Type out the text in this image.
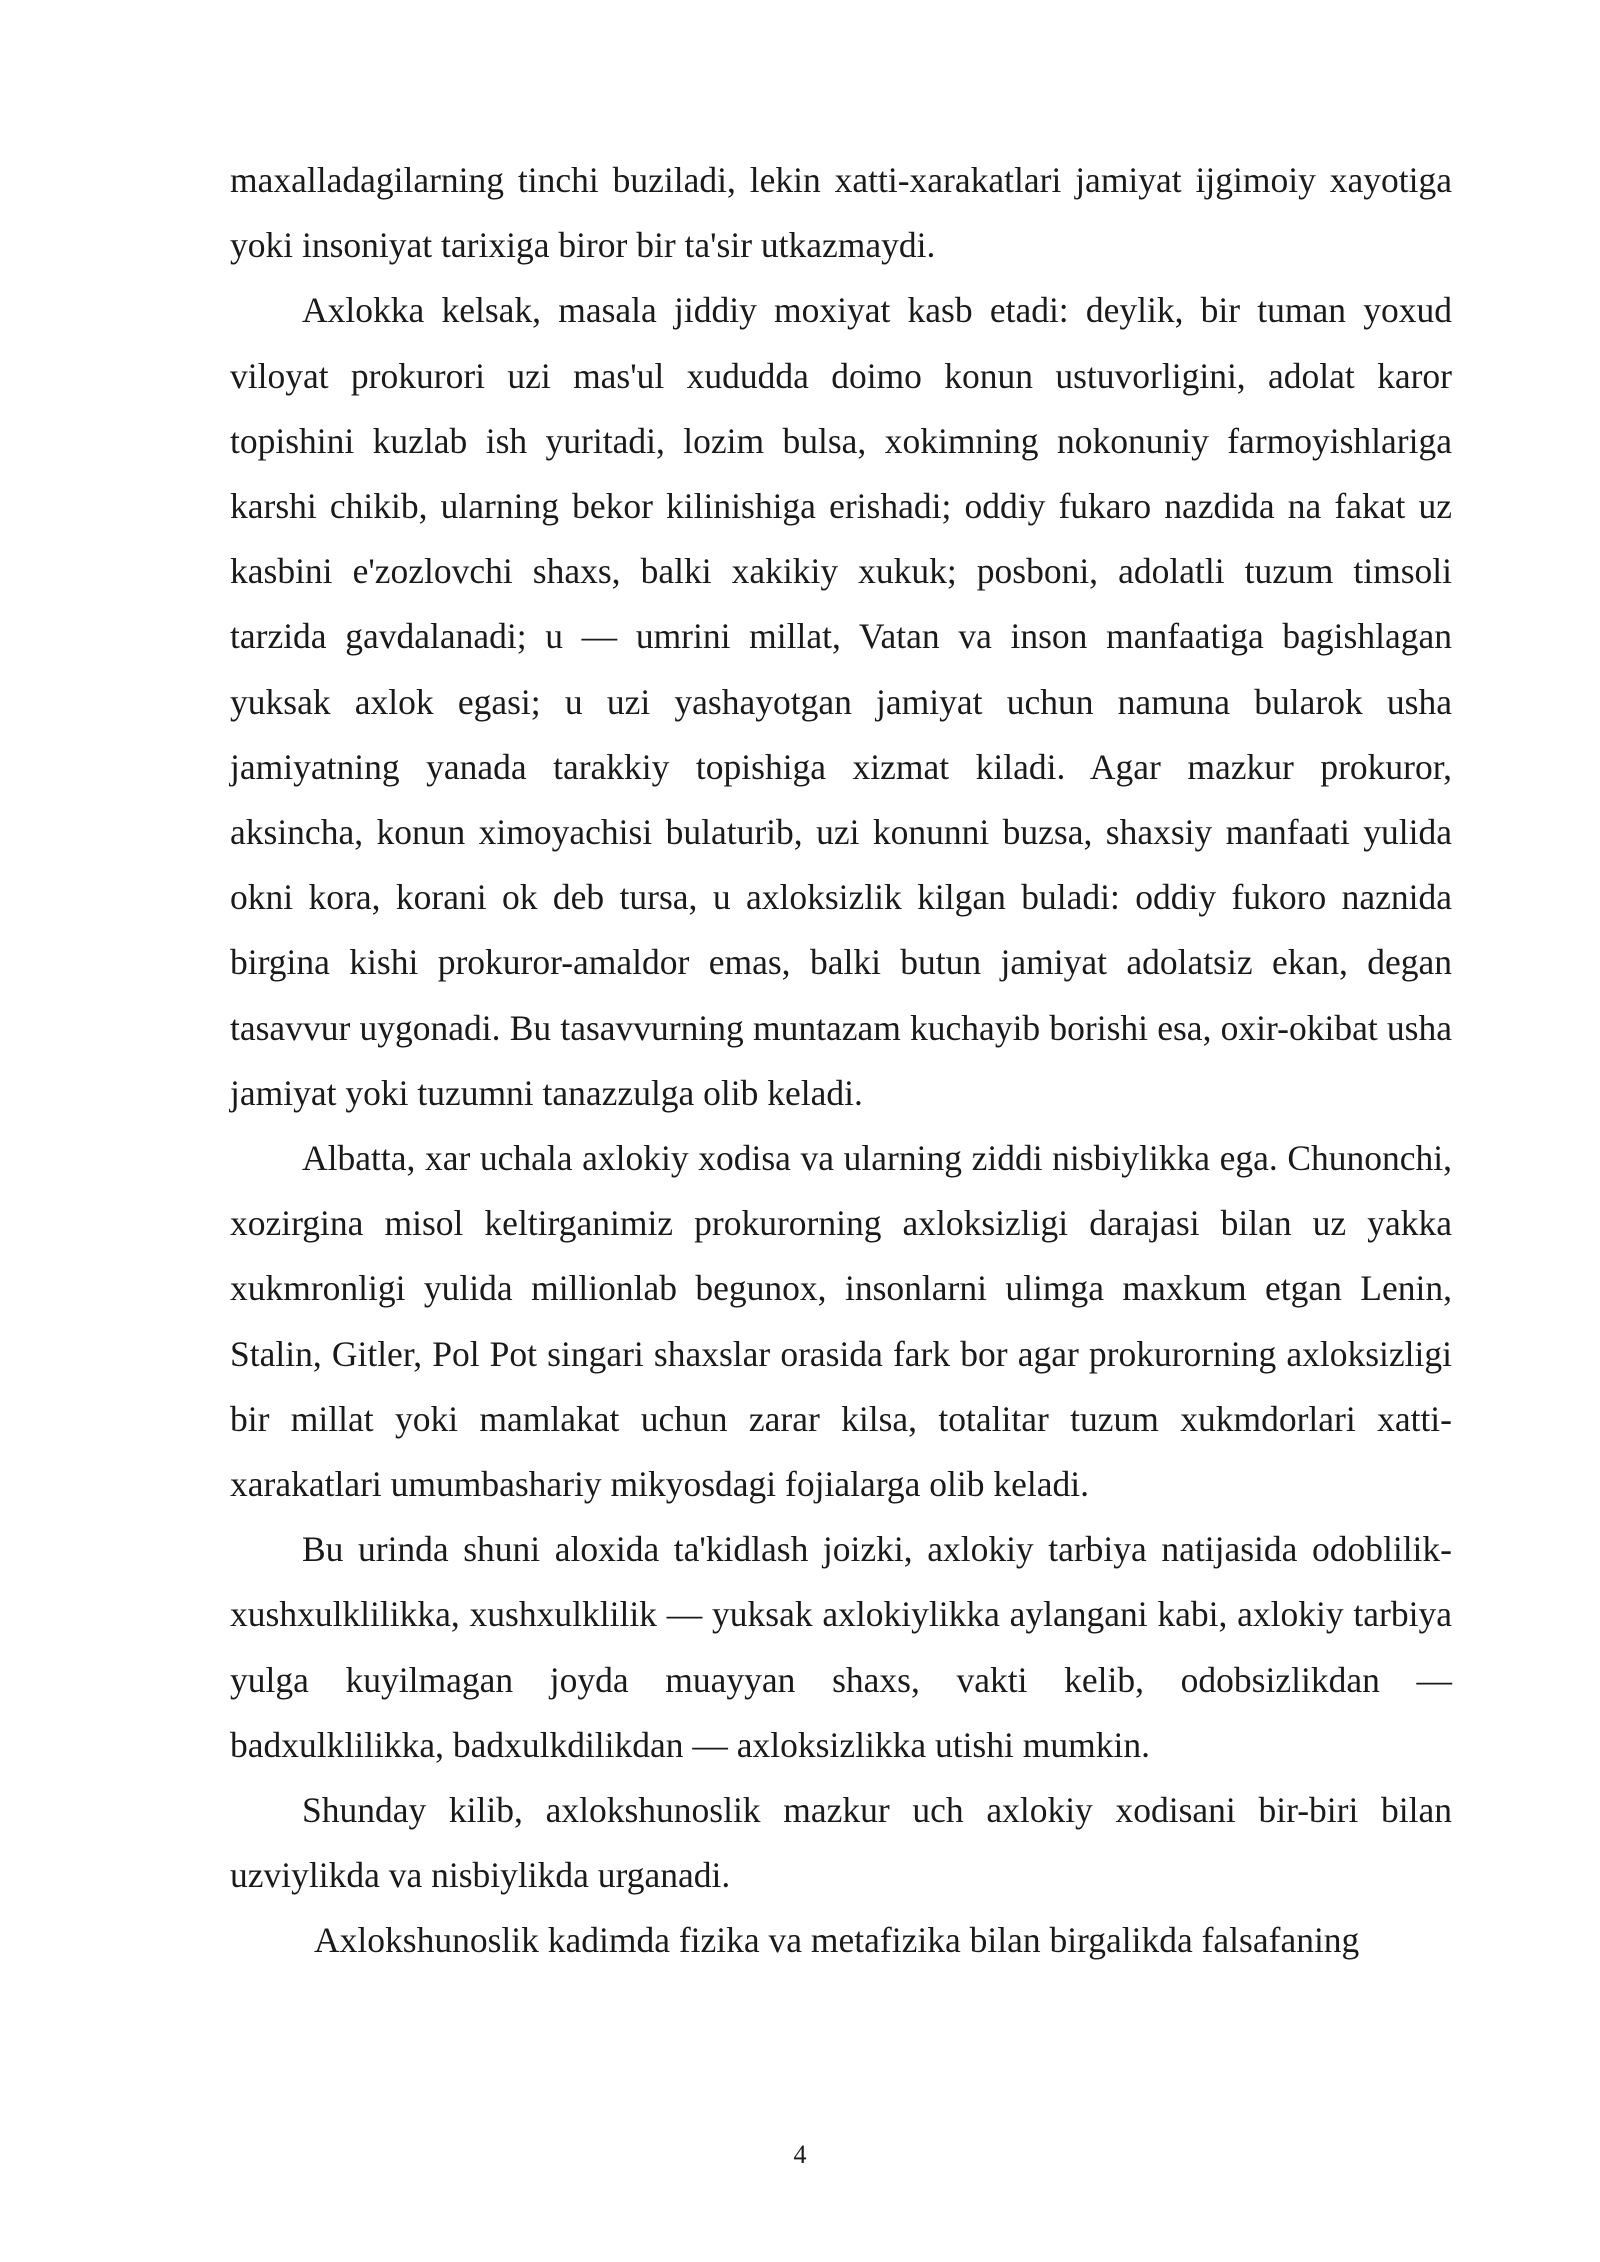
maxalladagilarning tinchi buziladi, lekin xatti-xarakatlari jamiyat ijgimoiy xayotiga yoki insoniyat tarixiga biror bir ta'sir utkazmaydi.

Axlokka kelsak, masala jiddiy moxiyat kasb etadi: deylik, bir tuman yoxud viloyat prokurori uzi mas'ul xududda doimo konun ustuvorligini, adolat karor topishini kuzlab ish yuritadi, lozim bulsa, xokimning nokonuniy farmoyishlariga karshi chikib, ularning bekor kilinishiga erishadi; oddiy fukaro nazdida na fakat uz kasbini e'zozlovchi shaxs, balki xakikiy xukuk; posboni, adolatli tuzum timsoli tarzida gavdalanadi; u — umrini millat, Vatan va inson manfaatiga bagishlagan yuksak axlok egasi; u uzi yashayotgan jamiyat uchun namuna bularok usha jamiyatning yanada tarakkiy topishiga xizmat kiladi. Agar mazkur prokuror, aksincha, konun ximoyachisi bulaturib, uzi konunni buzsa, shaxsiy manfaati yulida okni kora, korani ok deb tursa, u axloksizlik kilgan buladi: oddiy fukoro naznida birgina kishi prokuror-amaldor emas, balki butun jamiyat adolatsiz ekan, degan tasavvur uygonadi. Bu tasavvurning muntazam kuchayib borishi esa, oxir-okibat usha jamiyat yoki tuzumni tanazzulga olib keladi.

Albatta, xar uchala axlokiy xodisa va ularning ziddi nisbiylikka ega. Chunonchi, xozirgina misol keltirganimiz prokurorning axloksizligi darajasi bilan uz yakka xukmronligi yulida millionlab begunox, insonlarni ulimga maxkum etgan Lenin, Stalin, Gitler, Pol Pot singari shaxslar orasida fark bor agar prokurorning axloksizligi bir millat yoki mamlakat uchun zarar kilsa, totalitar tuzum xukmdorlari xatti-xarakatlari umumbashariy mikyosdagi fojialarga olib keladi.

Bu urinda shuni aloxida ta'kidlash joizki, axlokiy tarbiya natijasida odoblilik-xushxulklilikka, xushxulklilik — yuksak axlokiylikka aylangani kabi, axlokiy tarbiya yulga kuyilmagan joyda muayyan shaxs, vakti kelib, odobsizlikdan — badxulklilikka, badxulkdilikdan — axloksizlikka utishi mumkin.

Shunday kilib, axlokshunoslik mazkur uch axlokiy xodisani bir-biri bilan uzviylikda va nisbiylikda urganadi.

Axlokshunoslik kadimda fizika va metafizika bilan birgalikda falsafaning

4
